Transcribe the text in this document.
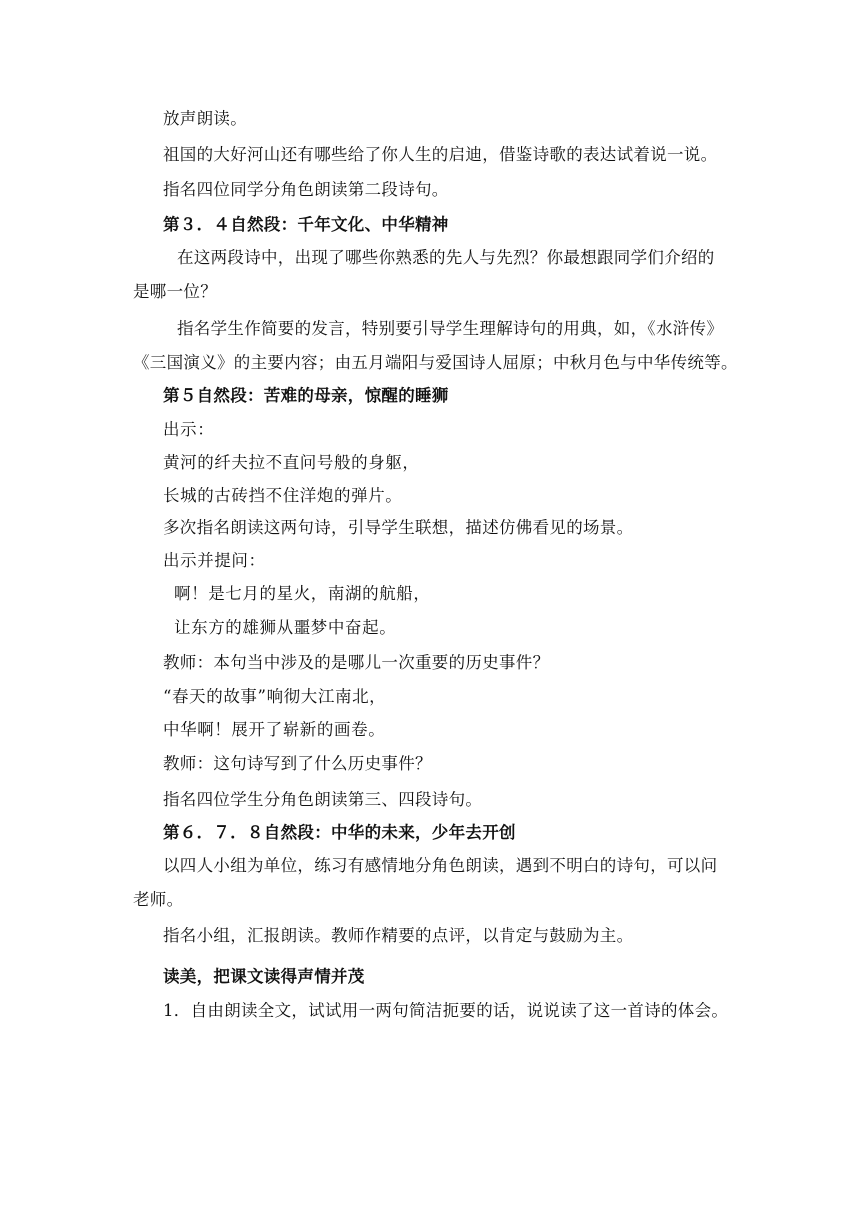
放声朗读。
祖国的大好河山还有哪些给了你人生的启迪，借鉴诗歌的表达试着说一说。
指名四位同学分角色朗读第二段诗句。
第３．４自然段：千年文化、中华精神
在这两段诗中，出现了哪些你熟悉的先人与先烈？你最想跟同学们介绍的
是哪一位？
指名学生作简要的发言，特别要引导学生理解诗句的用典，如，《水浒传》
《三国演义》的主要内容；由五月端阳与爱国诗人屈原；中秋月色与中华传统等。
第５自然段：苦难的母亲，惊醒的睡狮
出示：
黄河的纤夫拉不直问号般的身躯，
长城的古砖挡不住洋炮的弹片。
多次指名朗读这两句诗，引导学生联想，描述仿佛看见的场景。
出示并提问：
啊！是七月的星火，南湖的航船，
让东方的雄狮从噩梦中奋起。
教师：本句当中涉及的是哪儿一次重要的历史事件？
“春天的故事”响彻大江南北，
中华啊！展开了崭新的画卷。
教师：这句诗写到了什么历史事件？
指名四位学生分角色朗读第三、四段诗句。
第６．７．８自然段：中华的未来，少年去开创
以四人小组为单位，练习有感情地分角色朗读，遇到不明白的诗句，可以问
老师。
指名小组，汇报朗读。教师作精要的点评，以肯定与鼓励为主。
读美，把课文读得声情并茂
1．自由朗读全文，试试用一两句简洁扼要的话，说说读了这一首诗的体会。
